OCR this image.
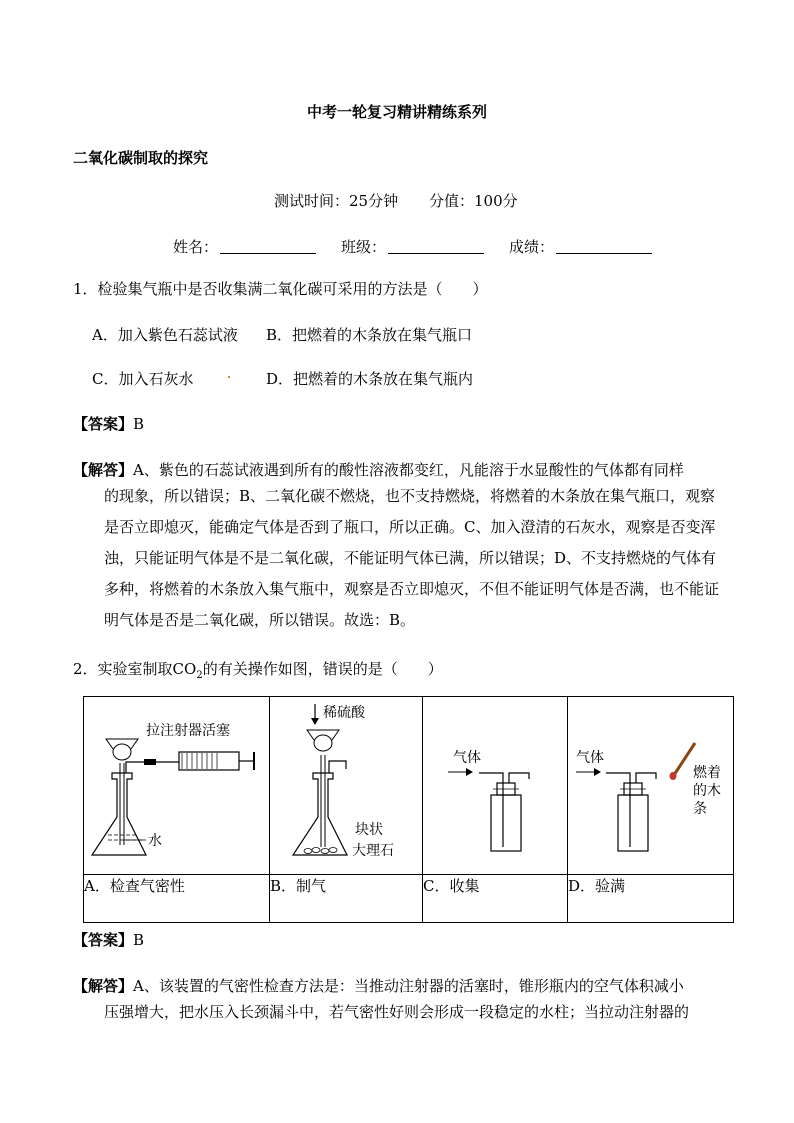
中考一轮复习精讲精练系列
二氧化碳制取的探究
测试时间：25分钟 分值：100分
姓名：	班级：	成绩：
1．检验集气瓶中是否收集满二氧化碳可采用的方法是（　　）
A．加入紫色石蕊试液 B．把燃着的木条放在集气瓶口
C．加入石灰水	D．把燃着的木条放在集气瓶内
【答案】B
【解答】A、紫色的石蕊试液遇到所有的酸性溶液都变红，凡能溶于水显酸性的气体都有同样
的现象，所以错误；B、二氧化碳不燃烧，也不支持燃烧，将燃着的木条放在集气瓶口，观察是否立即熄灭，能确定气体是否到了瓶口，所以正确。C、加入澄清的石灰水，观察是否变浑浊，只能证明气体是不是二氧化碳，不能证明气体已满，所以错误；D、不支持燃烧的气体有多种，将燃着的木条放入集气瓶中，观察是否立即熄灭，不但不能证明气体是否满，也不能证明气体是否是二氧化碳，所以错误。故选：B。
2．实验室制取$CO_2$的有关操作如图，错误的是（　　）
拉注射器活塞
水	稀硫酸
块状
大理石	气体	气体
燃着
的木
条

A．检查气密性	B．制气	C．收集	D．验满
【答案】B
【解答】A、该装置的气密性检查方法是：当推动注射器的活塞时，锥形瓶内的空气体积减小
压强增大，把水压入长颈漏斗中，若气密性好则会形成一段稳定的水柱；当拉动注射器的
